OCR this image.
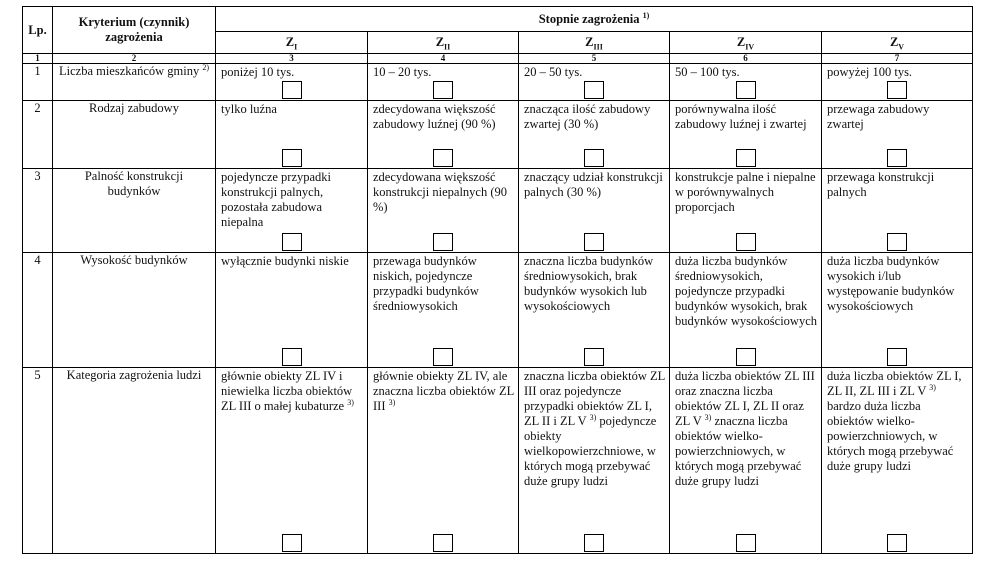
Lp.	Kryterium (czynnik) zagrożenia	Stopnie zagrożenia $^{1)}$
		$Z_I$	$Z_{II}$	$Z_{III}$	$Z_{IV}$	$Z_V$
1	2	3	4	5	6	7
1	Liczba mieszkańców gminy $^{2)}$	poniżej 10 tys.	10 – 20 tys.	20 – 50 tys.	50 – 100 tys.	powyżej 100 tys.

2	Rodzaj zabudowy	tylko luźna	zdecydowana większość zabudowy luźnej (90 %)	znacząca ilość zabudowy zwartej (30 %)	porównywalna ilość zabudowy luźnej i zwartej	przewaga zabudowy zwartej

3	Palność konstrukcji budynków	pojedyncze przypadki konstrukcji palnych, pozostała zabudowa niepalna	zdecydowana większość konstrukcji niepalnych (90 %)	znaczący udział konstrukcji palnych (30 %)	konstrukcje palne i niepalne w porównywalnych proporcjach	przewaga konstrukcji palnych

4	Wysokość budynków	wyłącznie budynki niskie	przewaga budynków niskich, pojedyncze przypadki budynków średniowysokich	znaczna liczba budynków średniowysokich, brak budynków wysokich lub wysokościowych	duża liczba budynków średniowysokich, pojedyncze przypadki budynków wysokich, brak budynków wysokościowych	duża liczba budynków wysokich i/lub występowanie budynków wysokościowych

5	Kategoria zagrożenia ludzi	głównie obiekty ZL IV i niewielka liczba obiektów ZL III o małej kubaturze $^{3)}$	głównie obiekty ZL IV, ale znaczna liczba obiektów ZL III $^{3)}$	znaczna liczba obiektów ZL III oraz pojedyncze przypadki obiektów ZL I, ZL II i ZL V $^{3)}$ pojedyncze obiekty wielkopowierzchniowe, w których mogą przebywać duże grupy ludzi	duża liczba obiektów ZL III oraz znaczna liczba obiektów ZL I, ZL II oraz ZL V $^{3)}$ znaczna liczba obiektów wielko-powierzchniowych, w których mogą przebywać duże grupy ludzi	duża liczba obiektów ZL I, ZL II, ZL III i ZL V $^{3)}$ bardzo duża liczba obiektów wielko-powierzchniowych, w których mogą przebywać duże grupy ludzi
